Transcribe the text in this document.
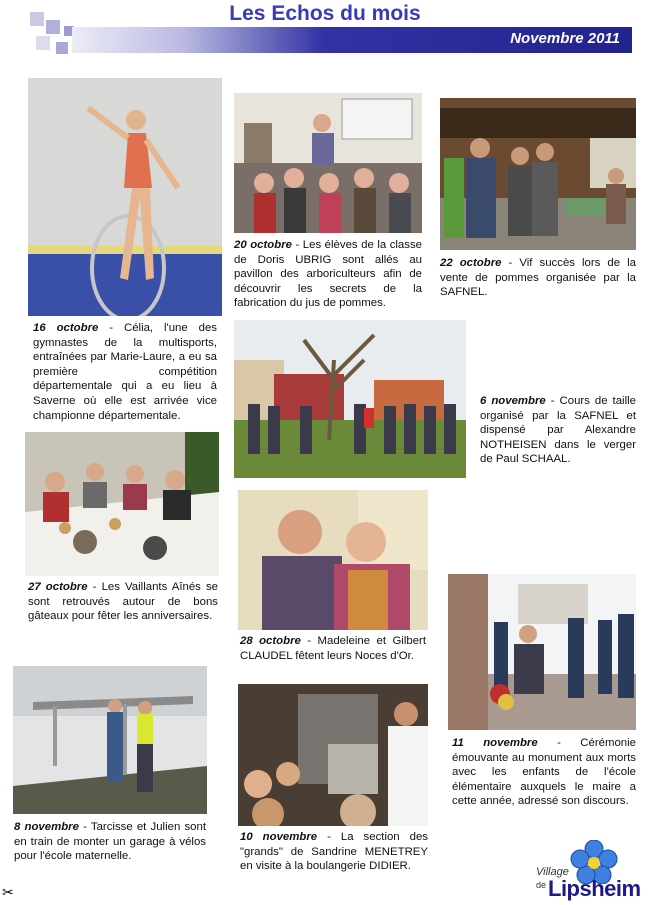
Les Echos du mois
Novembre 2011
16 octobre - Célia, l'une des gymnastes de la multisports, entraînées par Marie-Laure, a eu sa première compétition départementale qui a eu lieu à Saverne où elle est arrivée vice championne départementale.
20 octobre - Les élèves de la classe de Doris UBRIG sont allés au pavillon des arboriculteurs afin de découvrir les secrets de la fabrication du jus de pommes.
22 octobre - Vif succès lors de la vente de pommes organisée par la SAFNEL.
6 novembre - Cours de taille organisé par la SAFNEL et dispensé par Alexandre NOTHEISEN dans le verger de Paul SCHAAL.
27 octobre - Les Vaillants Aînés se sont retrouvés autour de bons gâteaux pour fêter les anniversaires.
28 octobre - Madeleine et Gilbert CLAUDEL fêtent leurs Noces d'Or.
11 novembre - Cérémonie émouvante au monument aux morts avec les enfants de l'école élémentaire auxquels le maire a cette année, adressé son discours.
8 novembre - Tarcisse et Julien sont en train de monter un garage à vélos pour l'école maternelle.
10 novembre - La section des "grands" de Sandrine MENETREY en visite à la boulangerie DIDIER.
✂
Village
de Lipsheim
